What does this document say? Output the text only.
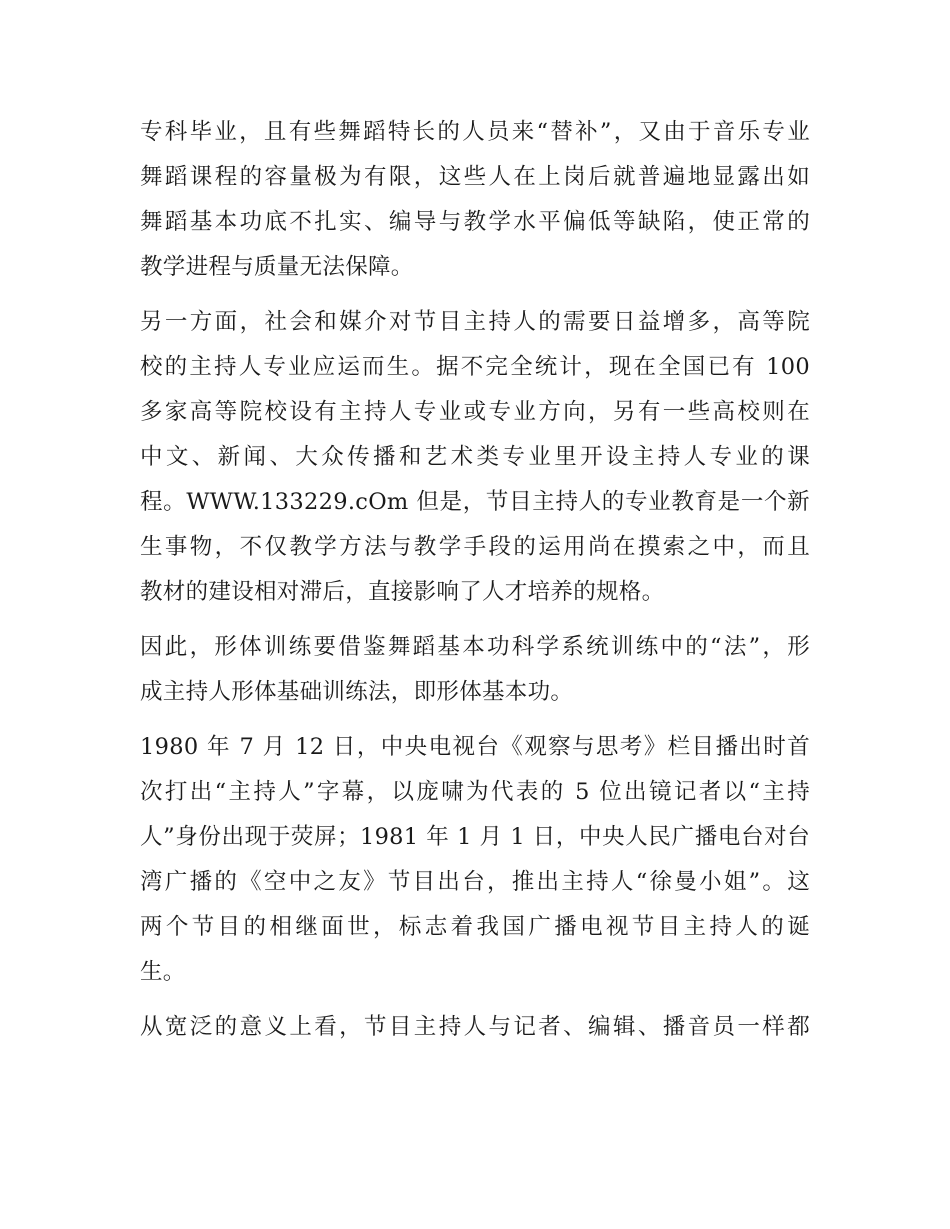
专科毕业，且有些舞蹈特长的人员来“替补”，又由于音乐专业
舞蹈课程的容量极为有限，这些人在上岗后就普遍地显露出如
舞蹈基本功底不扎实、编导与教学水平偏低等缺陷，使正常的
教学进程与质量无法保障。
另一方面，社会和媒介对节目主持人的需要日益增多，高等院
校的主持人专业应运而生。据不完全统计，现在全国已有 100
多家高等院校设有主持人专业或专业方向，另有一些高校则在
中文、新闻、大众传播和艺术类专业里开设主持人专业的课
程。WWW.133229.cOm 但是，节目主持人的专业教育是一个新
生事物，不仅教学方法与教学手段的运用尚在摸索之中，而且
教材的建设相对滞后，直接影响了人才培养的规格。
因此，形体训练要借鉴舞蹈基本功科学系统训练中的“法”，形
成主持人形体基础训练法，即形体基本功。
1980 年 7 月 12 日，中央电视台《观察与思考》栏目播出时首
次打出“主持人”字幕，以庞啸为代表的 5 位出镜记者以“主持
人”身份出现于荧屏；1981 年 1 月 1 日，中央人民广播电台对台
湾广播的《空中之友》节目出台，推出主持人“徐曼小姐”。这
两个节目的相继面世，标志着我国广播电视节目主持人的诞
生。
从宽泛的意义上看，节目主持人与记者、编辑、播音员一样都
